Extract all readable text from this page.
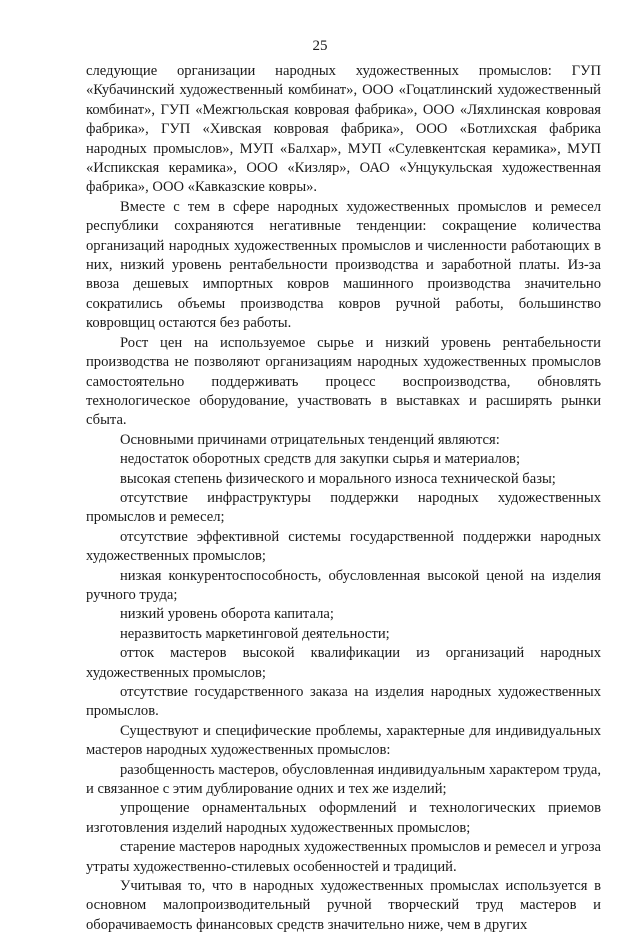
25

следующие организации народных художественных промыслов: ГУП «Кубачинский художественный комбинат», ООО «Гоцатлинский художественный комбинат», ГУП «Межгюльская ковровая фабрика», ООО «Ляхлинская ковровая фабрика», ГУП «Хивская ковровая фабрика», ООО «Ботлихская фабрика народных промыслов», МУП «Балхар», МУП «Сулевкентская керамика», МУП «Испикская керамика», ООО «Кизляр», ОАО «Унцукульская художественная фабрика», ООО «Кавказские ковры».

Вместе с тем в сфере народных художественных промыслов и ремесел республики сохраняются негативные тенденции: сокращение количества организаций народных художественных промыслов и численности работающих в них, низкий уровень рентабельности производства и заработной платы. Из-за ввоза дешевых импортных ковров машинного производства значительно сократились объемы производства ковров ручной работы, большинство ковровщиц остаются без работы.

Рост цен на используемое сырье и низкий уровень рентабельности производства не позволяют организациям народных художественных промыслов самостоятельно поддерживать процесс воспроизводства, обновлять технологическое оборудование, участвовать в выставках и расширять рынки сбыта.

Основными причинами отрицательных тенденций являются:

недостаток оборотных средств для закупки сырья и материалов;

высокая степень физического и морального износа технической базы;

отсутствие инфраструктуры поддержки народных художественных промыслов и ремесел;

отсутствие эффективной системы государственной поддержки народных художественных промыслов;

низкая конкурентоспособность, обусловленная высокой ценой на изделия ручного труда;

низкий уровень оборота капитала;

неразвитость маркетинговой деятельности;

отток мастеров высокой квалификации из организаций народных художественных промыслов;

отсутствие государственного заказа на изделия народных художественных промыслов.

Существуют и специфические проблемы, характерные для индивидуальных мастеров народных художественных промыслов:

разобщенность мастеров, обусловленная индивидуальным характером труда, и связанное с этим дублирование одних и тех же изделий;

упрощение орнаментальных оформлений и технологических приемов изготовления изделий народных художественных промыслов;

старение мастеров народных художественных промыслов и ремесел и угроза утраты художественно-стилевых особенностей и традиций.

Учитывая то, что в народных художественных промыслах используется в основном малопроизводительный ручной творческий труд мастеров и оборачиваемость финансовых средств значительно ниже, чем в других
